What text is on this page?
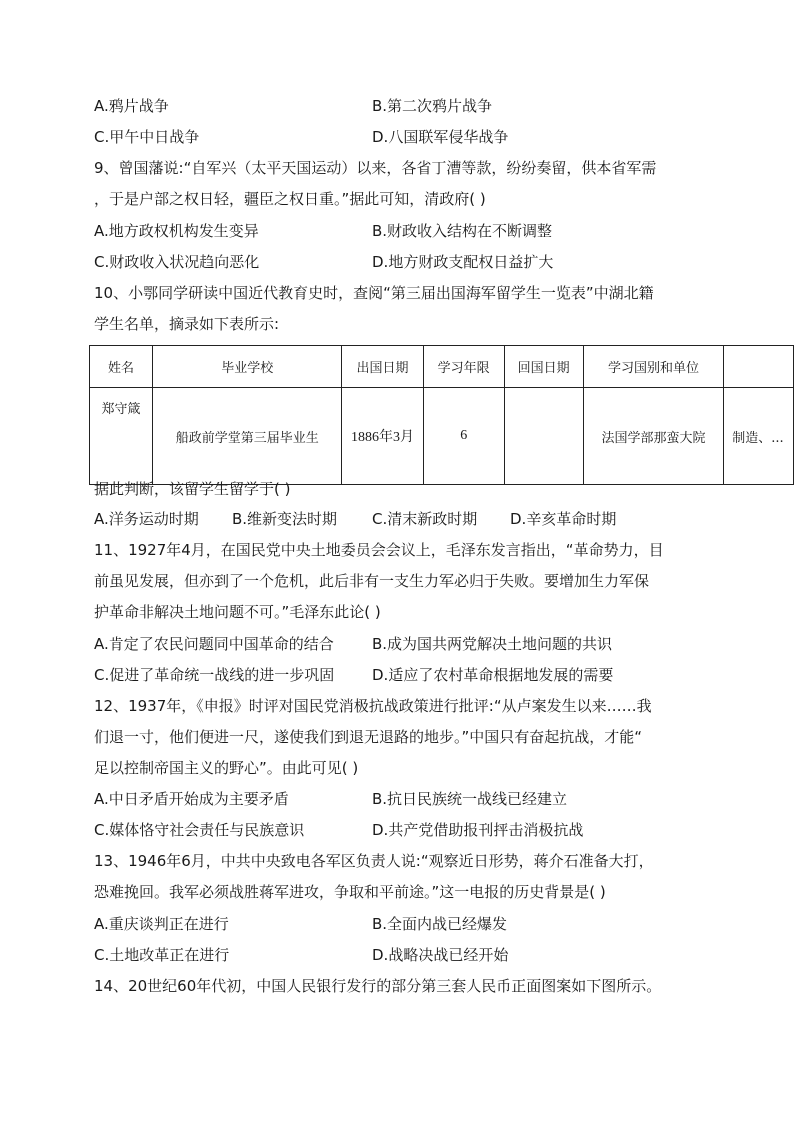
A.鸦片战争	B.第二次鸦片战争
C.甲午中日战争	D.八国联军侵华战争
9、曾国藩说:“自军兴（太平天国运动）以来，各省丁漕等款，纷纷奏留，供本省军需
，于是户部之权日轻，疆臣之权日重。”据此可知，清政府( )
A.地方政权机构发生变异	B.财政收入结构在不断调整
C.财政收入状况趋向恶化	D.地方财政支配权日益扩大
10、小鄂同学研读中国近代教育史时，查阅“第三届出国海军留学生一览表”中湖北籍
学生名单，摘录如下表所示:
姓名	毕业学校	出国日期	学习年限	回国日期	学习国别和单位	
郑守箴	船政前学堂第三届毕业生	1886年3月	6		法国学部那蛮大院	制造、...
据此判断，该留学生留学于( )
A.洋务运动时期 B.维新变法时期 C.清末新政时期 D.辛亥革命时期
11、1927年4月，在国民党中央土地委员会会议上，毛泽东发言指出，“革命势力，目
前虽见发展，但亦到了一个危机，此后非有一支生力军必归于失败。要增加生力军保
护革命非解决土地问题不可。”毛泽东此论( )
A.肯定了农民问题同中国革命的结合	B.成为国共两党解决土地问题的共识
C.促进了革命统一战线的进一步巩固	D.适应了农村革命根据地发展的需要
12、1937年，《申报》时评对国民党消极抗战政策进行批评:“从卢案发生以来……我
们退一寸，他们便进一尺，遂使我们到退无退路的地步。”中国只有奋起抗战，才能“
足以控制帝国主义的野心”。由此可见( )
A.中日矛盾开始成为主要矛盾	B.抗日民族统一战线已经建立
C.媒体恪守社会责任与民族意识	D.共产党借助报刊抨击消极抗战
13、1946年6月，中共中央致电各军区负责人说:“观察近日形势，蒋介石准备大打，
恐难挽回。我军必须战胜蒋军进攻，争取和平前途。”这一电报的历史背景是( )
A.重庆谈判正在进行	B.全面内战已经爆发
C.土地改革正在进行	D.战略决战已经开始
14、20世纪60年代初，中国人民银行发行的部分第三套人民币正面图案如下图所示。
